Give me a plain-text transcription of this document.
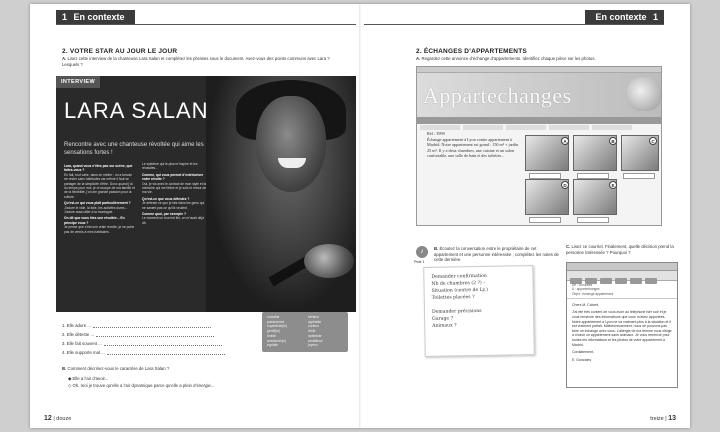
1 En contexte
2. VOTRE STAR AU JOUR LE JOUR
A. Lisez cette interview de la chanteuse Lara Salan et complétez les phrases sous le document. Avez-vous des points communs avec Lara ? Lesquels ?
INTERVIEW
LARA SALAN
Rencontre avec une chanteuse révoltée qui aime les sensations fortes !
Lara, quand vous n’êtes pas sur scène, que faites-vous ?
En fait, tout varie, dans ce métier ; on a besoin de rester sans habitudes car même il faut se partager de la simplicité d’être. Donc quand j’ai du temps pour moi, je m’occupe de ma famille et de la flexibilité, j’ai une grande passion pour la culture.
Qu’est-ce qui vous plaît particulièrement ?
J’adore le vide, la folie, les activités dures... J’adore aussi aller à la montagne.
On dit que vous êtes une révoltée... En principe vous ?
Je pense que c’est une vraie révolte, je ne porte pas de vernis à mes habitudes.
Le système qui le plus m’inspire et les réussites...
Comme, qui vous permet d’extérioriser votre révolte ?
Oui, je vis avec le contact de mon style et la mémoire qui me libère et je suis le retour de ma vie.
Qu’est-ce que vous détestez ?
Je déteste ce que je fais dans les gens qui ne savent pas ce qu’ils veulent.
Comme quoi, par exemple ?
Le moment où tout est fini, on m’avait déjà dit.
1. Elle adore ...
2. Elle déteste ...
3. Elle fait souvent ...
4. Elle supporte mal ...
B. Comment décririez-vous le caractère de Lara Salan ?
◆ Elle a l’air d’avoir...
◇ Oh, moi je trouve qu’elle a l’air dynamique parce qu’elle a plein d’énergie...
sociable
passionnée
superficiel(le)
gentil(le)
timide
aventurier(e)
égoïste
sérieux
agréable
curieux
drôle
optimiste
ambitieux
joyeux
12 | douze
En contexte 1
2. ÉCHANGES D’APPARTEMENTS
A. Regardez cette annonce d’échange d’appartements. Identifiez chaque pièce sur les photos.
Appartechanges
Réf : 3999
Échange appartement à Lyon contre appartement à Madrid. Notre appartement est grand : 150 m² + jardin 25 m². Il y a deux chambres, une cuisine et un salon confortable, une salle de bain et des toilettes...
A	B	C
D	E
♪	B. Écoutez la conversation entre le propriétaire de cet appartement et une personne intéressée ; complétez les notes de cette dernière.
Piste 1
Demander confirmation
Nb de chambres (2 ?) –
Situation (centre de Ly.)
Toilettes placées ?

Demander précisions
Garage ?
Animaux ?
C. Lisez ce courriel. Finalement, quelle décision prend la personne intéressée ? Pourquoi ?
De : Gonzales
À : appartechanges
Objet : échange appartement
Chers M. Colvert,
J’ai été très content de vous avoir au téléphone hier soir et je vous remercie des informations que vous m’avez apportées. Notre appartement à Lyon ne va vraiment plus à la situation et il est vraiment parfait. Malheureusement, nous ne pouvons pas faire un échange avec vous. L’allergie de ma femme vous oblige à choisir un appartement sans animaux. Je vous remercie pour toutes les informations et les photos de votre appartement à Madrid.
Cordialement,
E. Gonzales
treize | 13
